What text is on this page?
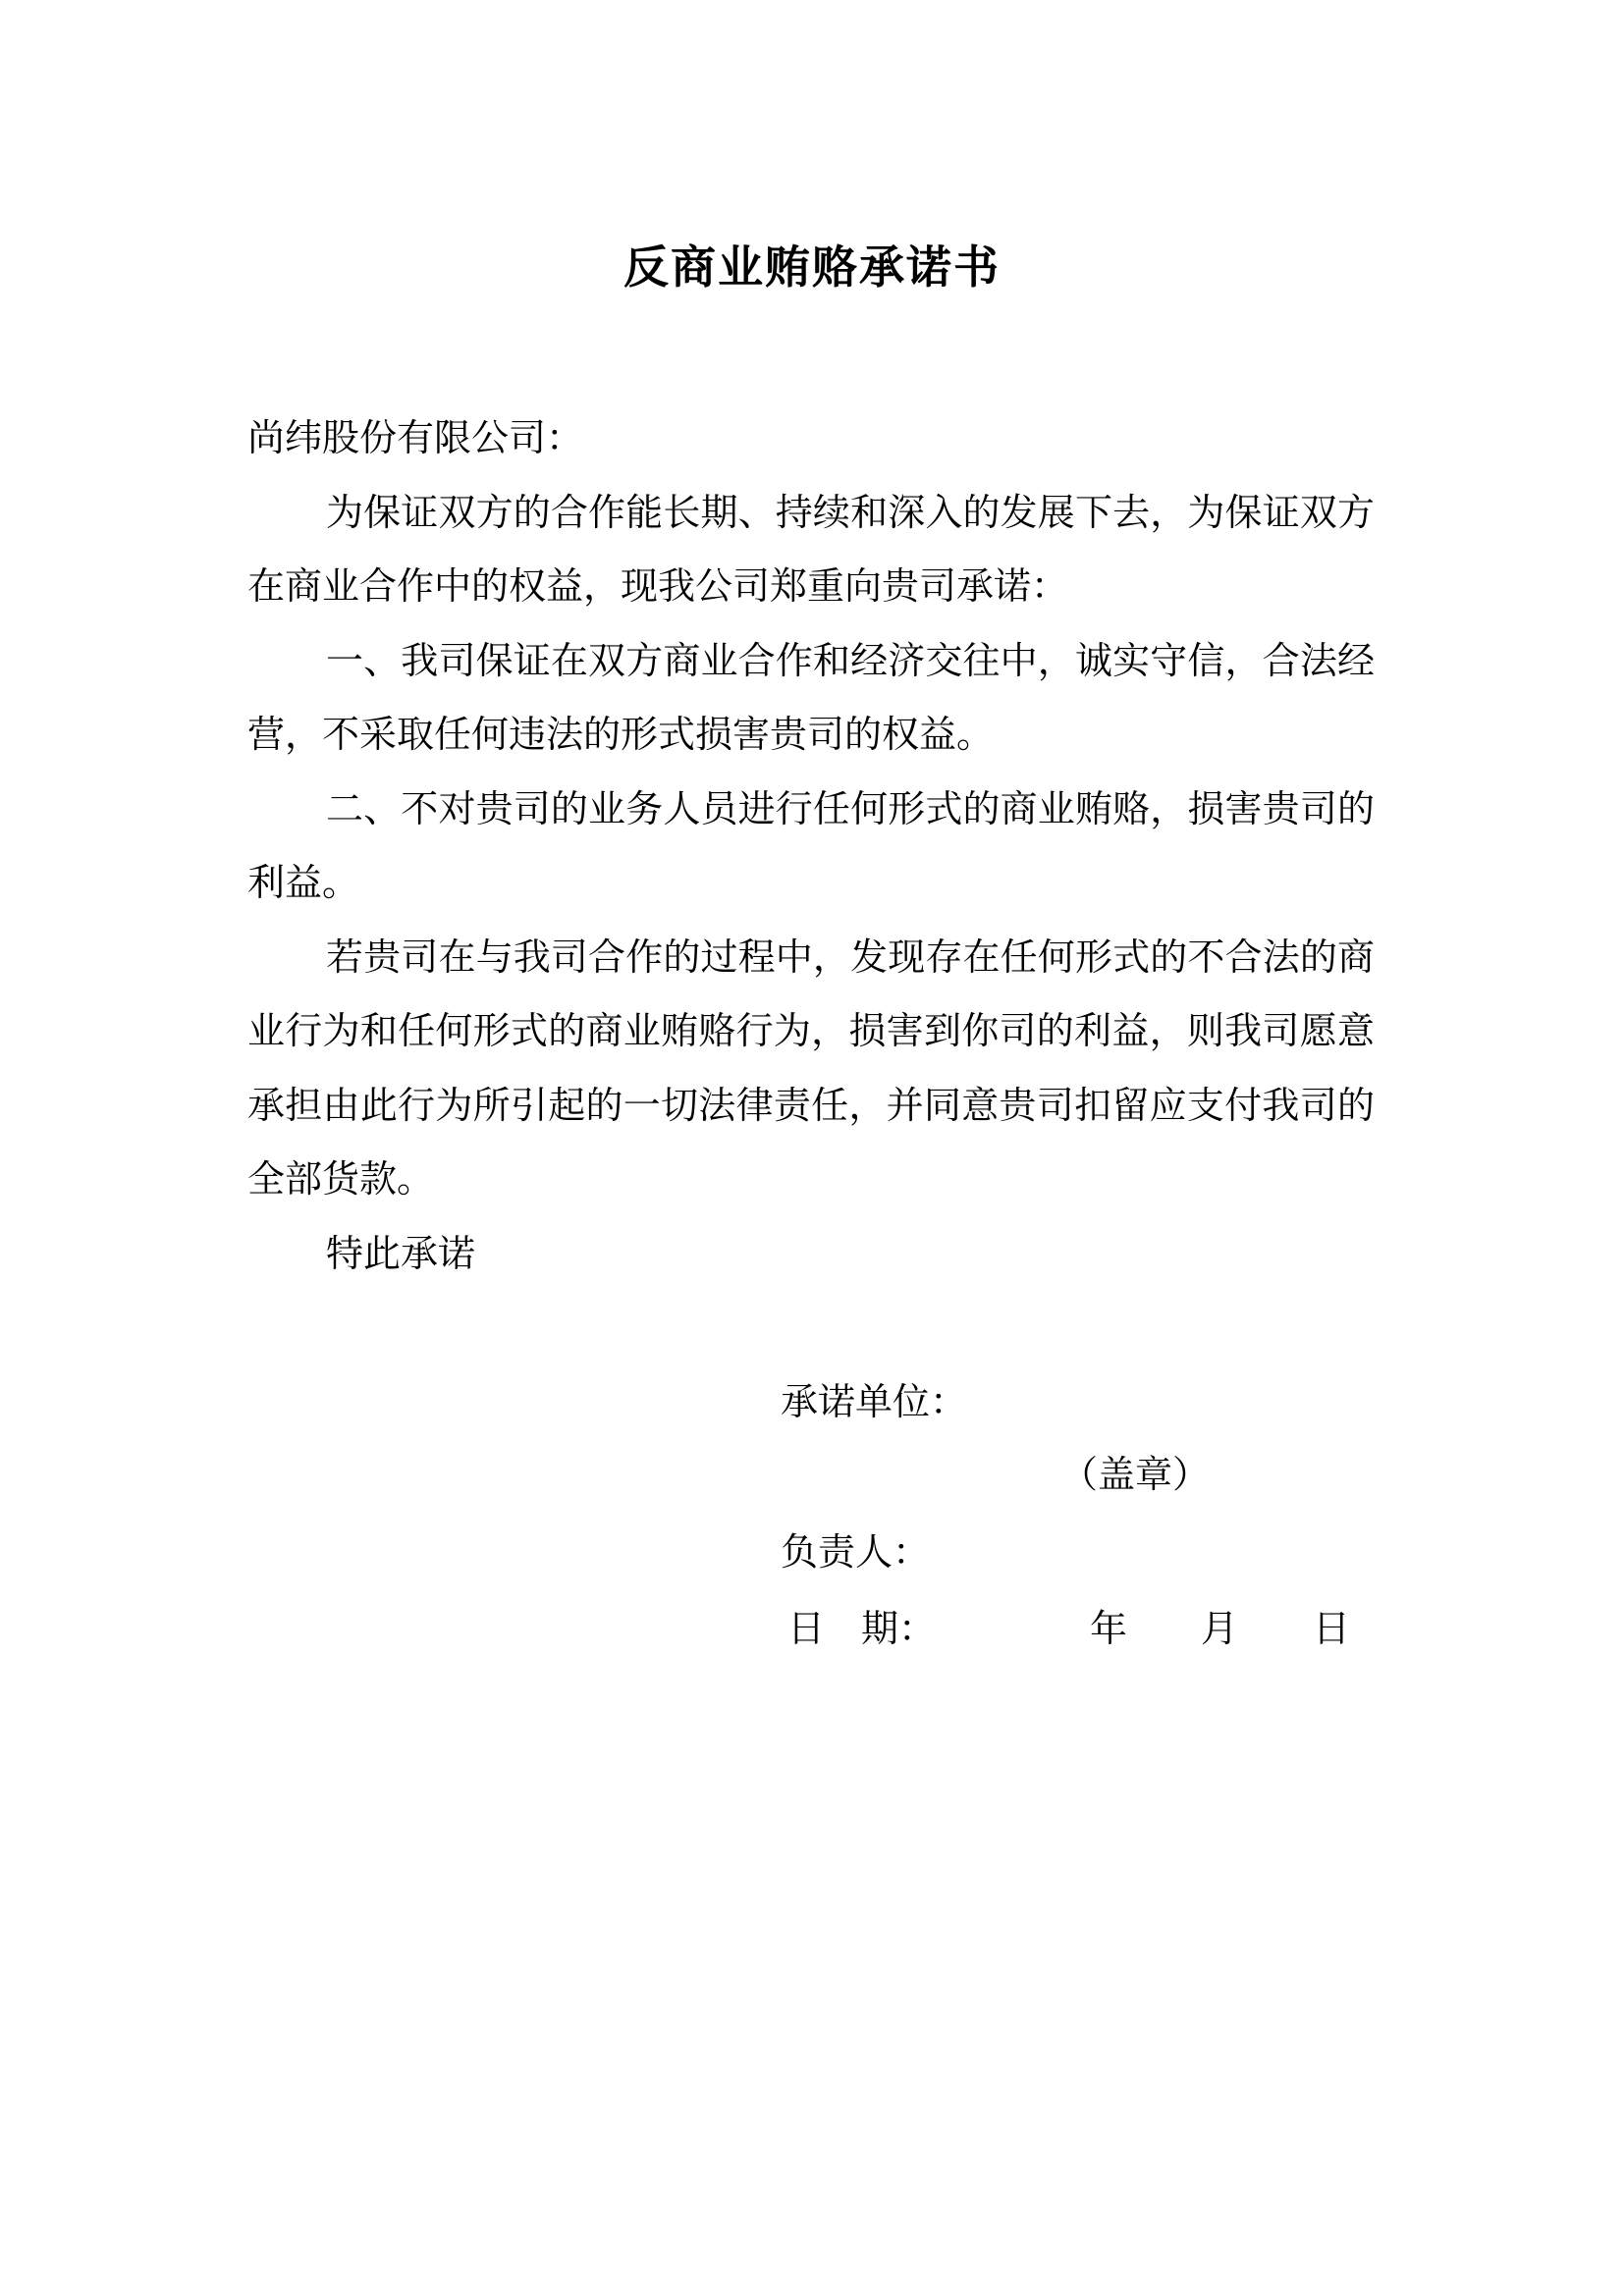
反商业贿赂承诺书
尚纬股份有限公司：
为保证双方的合作能长期、持续和深入的发展下去，为保证双方
在商业合作中的权益，现我公司郑重向贵司承诺：
一、我司保证在双方商业合作和经济交往中，诚实守信，合法经
营，不采取任何违法的形式损害贵司的权益。
二、不对贵司的业务人员进行任何形式的商业贿赂，损害贵司的
利益。
若贵司在与我司合作的过程中，发现存在任何形式的不合法的商
业行为和任何形式的商业贿赂行为，损害到你司的利益，则我司愿意
承担由此行为所引起的一切法律责任，并同意贵司扣留应支付我司的
全部货款。
特此承诺
承诺单位：
（盖章）
负责人：
日 期：	年 月 日
